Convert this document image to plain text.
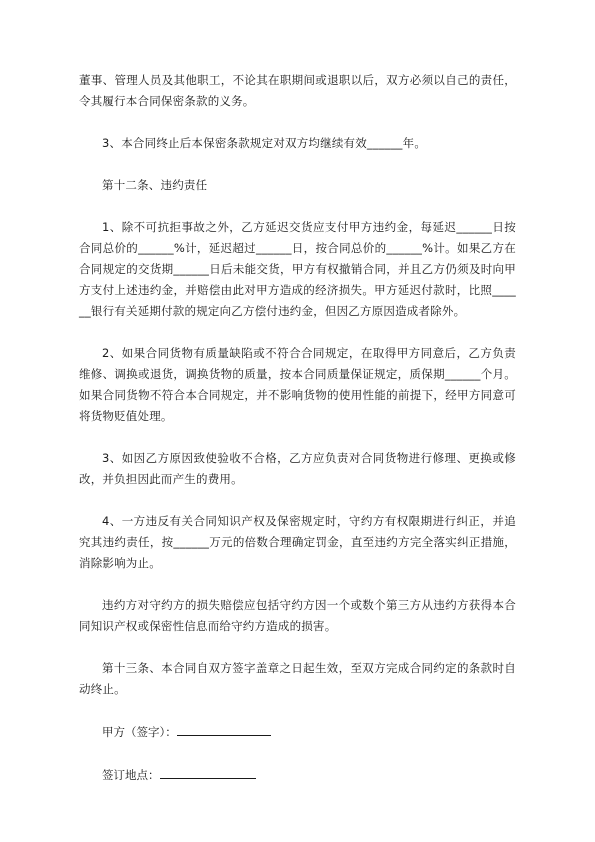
董事、管理人员及其他职工，不论其在职期间或退职以后，双方必须以自己的责任，令其履行本合同保密条款的义务。

3、本合同终止后本保密条款规定对双方均继续有效______年。

第十二条、违约责任

1、除不可抗拒事故之外，乙方延迟交货应支付甲方违约金，每延迟______日按合同总价的______%计，延迟超过______日，按合同总价的______%计。如果乙方在合同规定的交货期______日后未能交货，甲方有权撤销合同，并且乙方仍须及时向甲方支付上述违约金，并赔偿由此对甲方造成的经济损失。甲方延迟付款时，比照______银行有关延期付款的规定向乙方偿付违约金，但因乙方原因造成者除外。

2、如果合同货物有质量缺陷或不符合合同规定，在取得甲方同意后，乙方负责维修、调换或退货，调换货物的质量，按本合同质量保证规定，质保期______个月。如果合同货物不符合本合同规定，并不影响货物的使用性能的前提下，经甲方同意可将货物贬值处理。

3、如因乙方原因致使验收不合格，乙方应负责对合同货物进行修理、更换或修改，并负担因此而产生的费用。

4、一方违反有关合同知识产权及保密规定时，守约方有权限期进行纠正，并追究其违约责任，按______万元的倍数合理确定罚金，直至违约方完全落实纠正措施，消除影响为止。

违约方对守约方的损失赔偿应包括守约方因一个或数个第三方从违约方获得本合同知识产权或保密性信息而给守约方造成的损害。

第十三条、本合同自双方签字盖章之日起生效，至双方完成合同约定的条款时自动终止。

甲方（签字）：
签订地点：
